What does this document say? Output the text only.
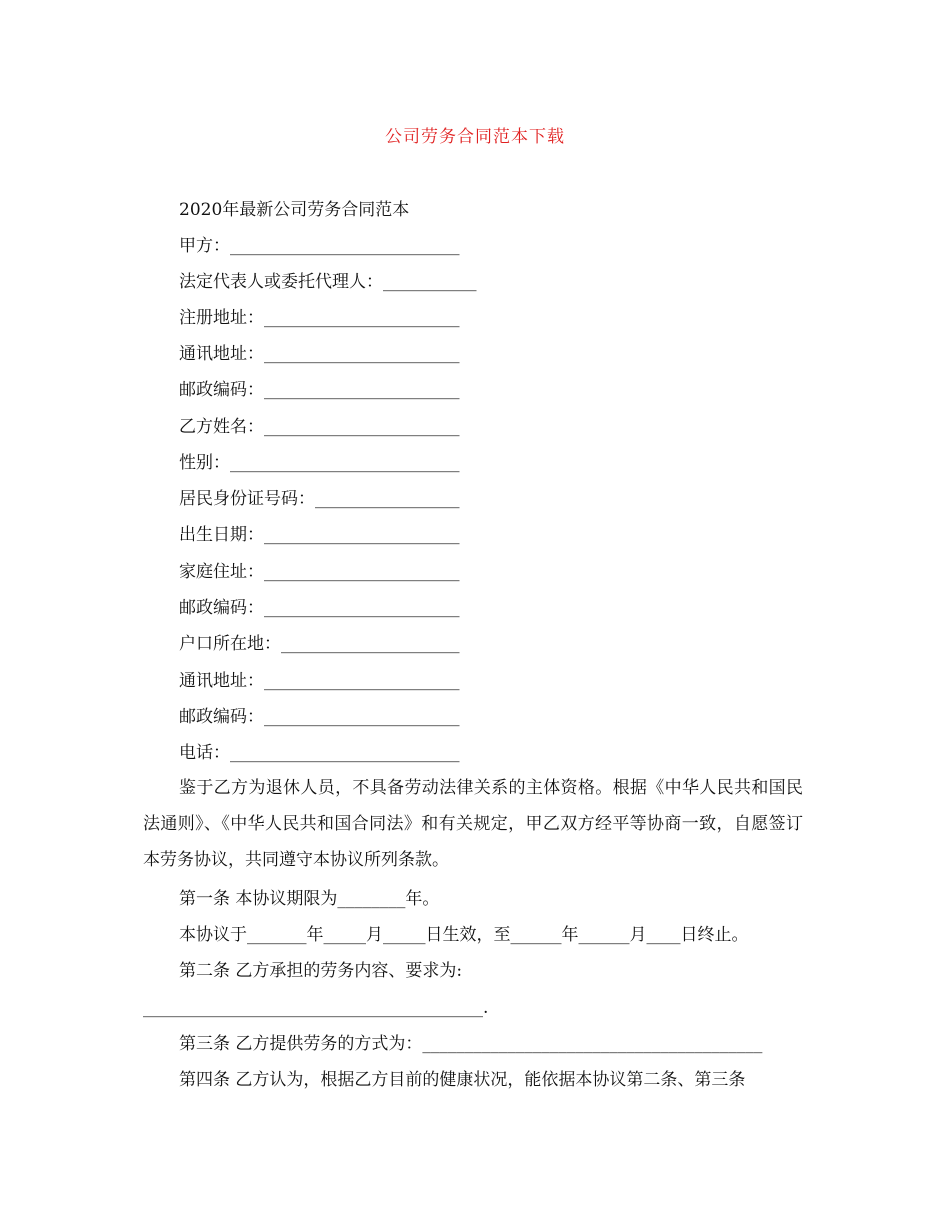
公司劳务合同范本下载
2020年最新公司劳务合同范本
甲方：___________________________
法定代表人或委托代理人：___________
注册地址：_______________________
通讯地址：_______________________
邮政编码：_______________________
乙方姓名：_______________________
性别：___________________________
居民身份证号码：_________________
出生日期：_______________________
家庭住址：_______________________
邮政编码：_______________________
户口所在地：_____________________
通讯地址：_______________________
邮政编码：_______________________
电话：___________________________
鉴于乙方为退休人员，不具备劳动法律关系的主体资格。根据《中华人民共和国民法通则》、《中华人民共和国合同法》和有关规定，甲乙双方经平等协商一致，自愿签订本劳务协议，共同遵守本协议所列条款。
第一条 本协议期限为________年。
本协议于_______年_____月_____日生效，至______年______月____日终止。
第二条 乙方承担的劳务内容、要求为:
________________________________________.
第三条 乙方提供劳务的方式为：________________________________________
第四条 乙方认为，根据乙方目前的健康状况，能依据本协议第二条、第三条
